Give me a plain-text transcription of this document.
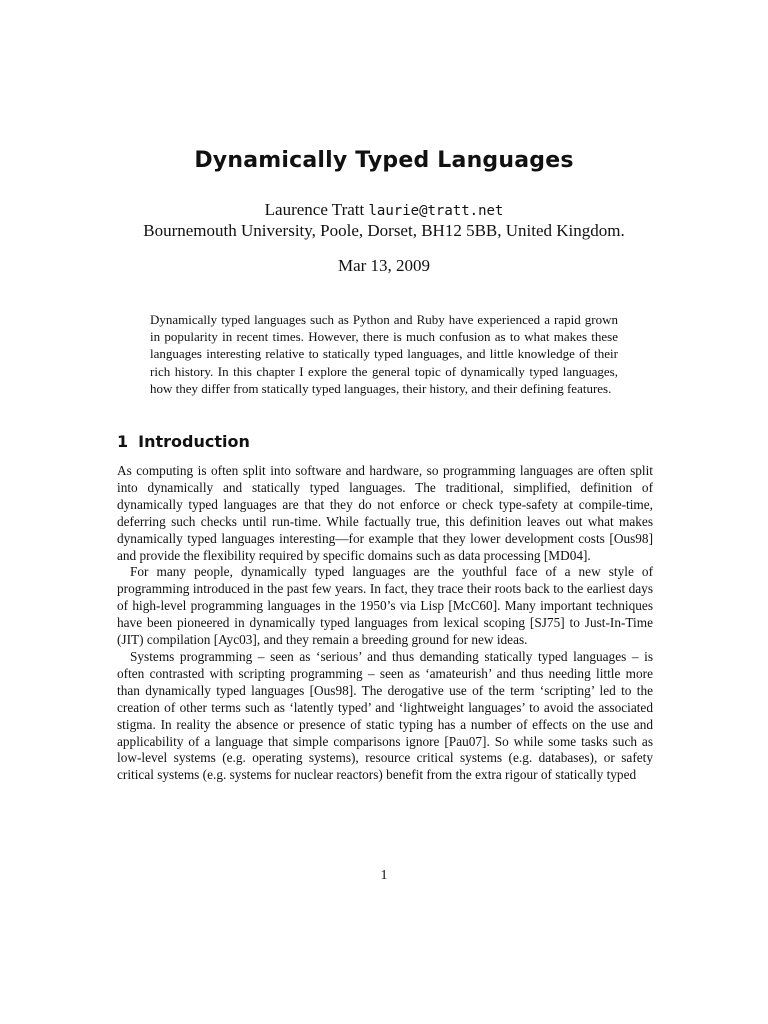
Dynamically Typed Languages
Laurence Tratt laurie@tratt.net
Bournemouth University, Poole, Dorset, BH12 5BB, United Kingdom.
Mar 13, 2009
Dynamically typed languages such as Python and Ruby have experienced a rapid grown in popularity in recent times. However, there is much confusion as to what makes these languages interesting relative to statically typed languages, and little knowledge of their rich history. In this chapter I explore the general topic of dynamically typed languages, how they differ from statically typed languages, their history, and their defining features.
1 Introduction

As computing is often split into software and hardware, so programming languages are often split into dynamically and statically typed languages. The traditional, simplified, definition of dynamically typed languages are that they do not enforce or check type-safety at compile-time, deferring such checks until run-time. While factually true, this definition leaves out what makes dynamically typed languages interesting—for example that they lower development costs [Ous98] and provide the flexibility required by specific domains such as data processing [MD04].

For many people, dynamically typed languages are the youthful face of a new style of programming introduced in the past few years. In fact, they trace their roots back to the earliest days of high-level programming languages in the 1950’s via Lisp [McC60]. Many important techniques have been pioneered in dynamically typed languages from lexical scoping [SJ75] to Just-In-Time (JIT) compilation [Ayc03], and they remain a breeding ground for new ideas.

Systems programming – seen as ‘serious’ and thus demanding statically typed languages – is often contrasted with scripting programming – seen as ‘amateurish’ and thus needing little more than dynamically typed languages [Ous98]. The derogative use of the term ‘scripting’ led to the creation of other terms such as ‘latently typed’ and ‘lightweight languages’ to avoid the associated stigma. In reality the absence or presence of static typing has a number of effects on the use and applicability of a language that simple comparisons ignore [Pau07]. So while some tasks such as low-level systems (e.g. operating systems), resource critical systems (e.g. databases), or safety critical systems (e.g. systems for nuclear reactors) benefit from the extra rigour of statically typed

1
